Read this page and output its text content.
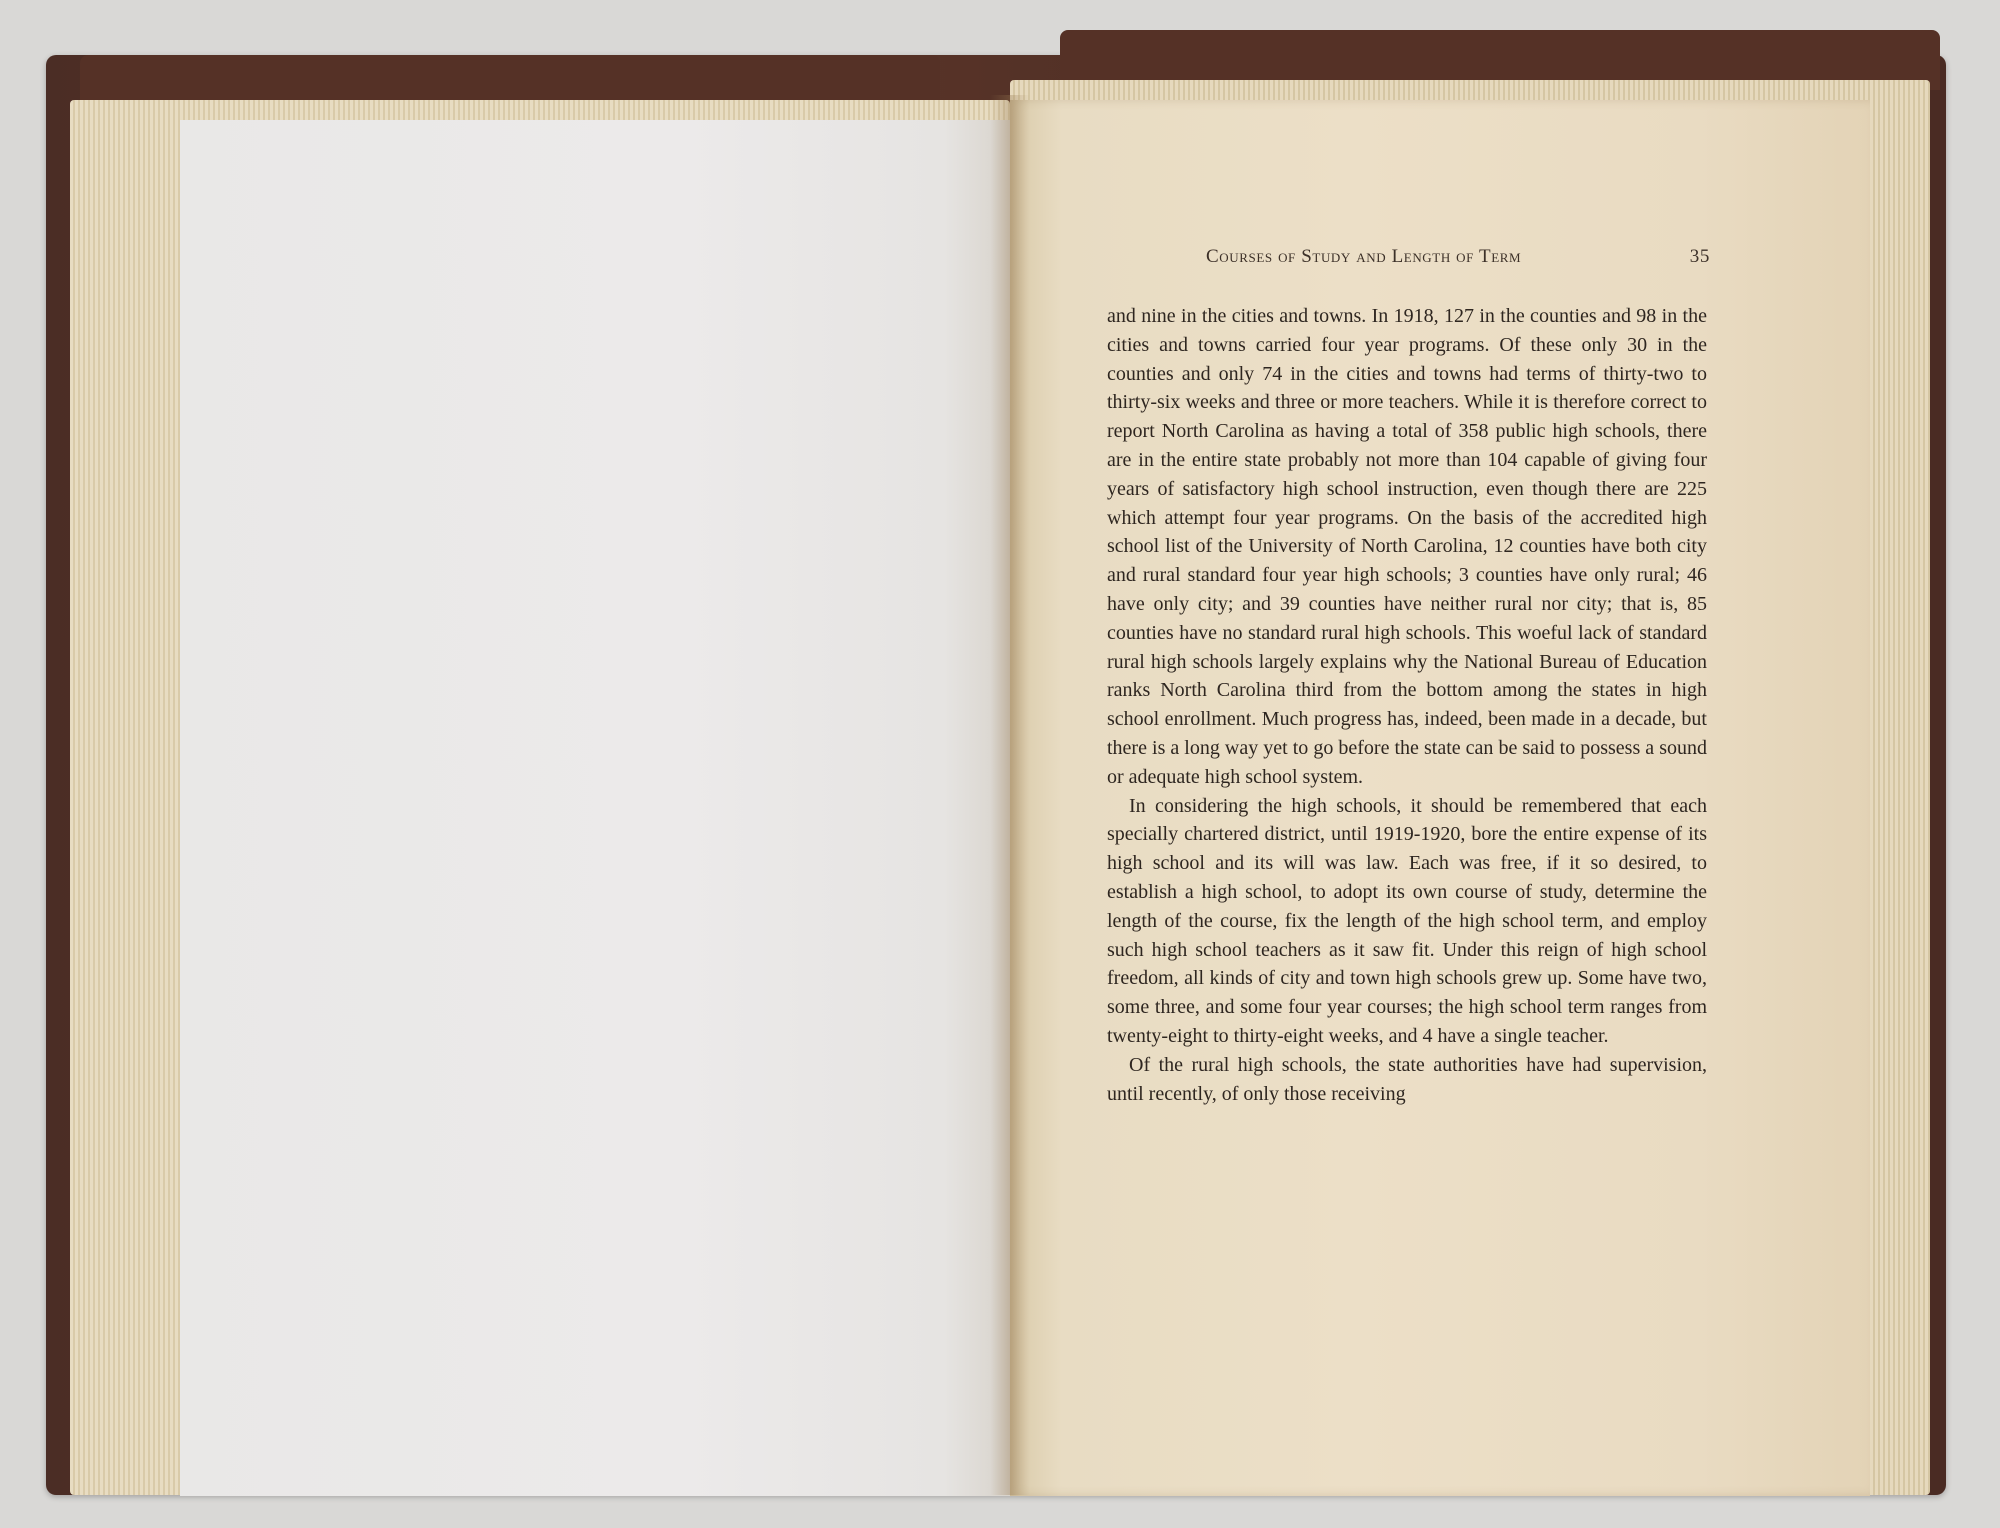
Courses of Study and Length of Term	35

and nine in the cities and towns. In 1918, 127 in the counties and 98 in the cities and towns carried four year programs. Of these only 30 in the counties and only 74 in the cities and towns had terms of thirty-two to thirty-six weeks and three or more teachers. While it is therefore correct to report North Carolina as having a total of 358 public high schools, there are in the entire state probably not more than 104 capable of giving four years of satisfactory high school instruction, even though there are 225 which attempt four year programs. On the basis of the accredited high school list of the University of North Carolina, 12 counties have both city and rural standard four year high schools; 3 counties have only rural; 46 have only city; and 39 counties have neither rural nor city; that is, 85 counties have no standard rural high schools. This woeful lack of standard rural high schools largely explains why the National Bureau of Education ranks North Carolina third from the bottom among the states in high school enrollment. Much progress has, indeed, been made in a decade, but there is a long way yet to go before the state can be said to possess a sound or adequate high school system.

In considering the high schools, it should be remembered that each specially chartered district, until 1919-1920, bore the entire expense of its high school and its will was law. Each was free, if it so desired, to establish a high school, to adopt its own course of study, determine the length of the course, fix the length of the high school term, and employ such high school teachers as it saw fit. Under this reign of high school freedom, all kinds of city and town high schools grew up. Some have two, some three, and some four year courses; the high school term ranges from twenty-eight to thirty-eight weeks, and 4 have a single teacher.

Of the rural high schools, the state authorities have had supervision, until recently, of only those receiving
